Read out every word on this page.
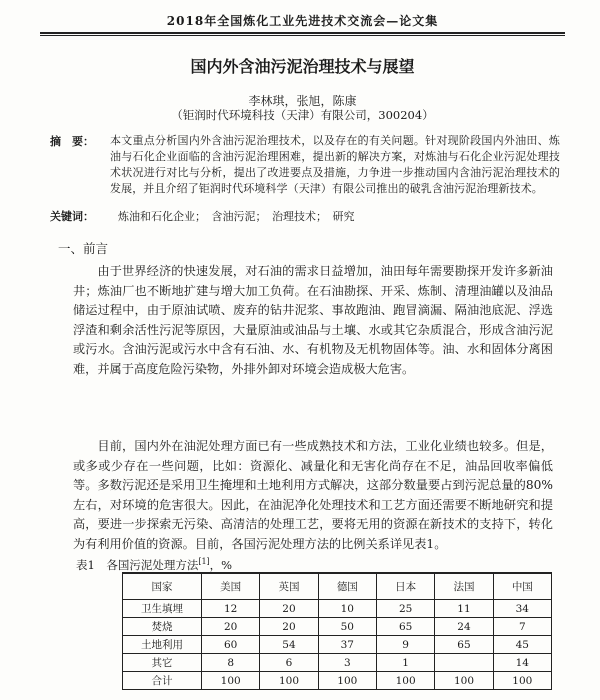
2018年全国炼化工业先进技术交流会—论文集
国内外含油污泥治理技术与展望
李林琪，张旭，陈康
（钜润时代环境科技（天津）有限公司，300204）
摘　要： 本文重点分析国内外含油污泥治理技术，以及存在的有关问题。针对现阶段国内外油田、炼油与石化企业面临的含油污泥治理困难，提出新的解决方案，对炼油与石化企业污泥处理技术状况进行对比与分析，提出了改进要点及措施，力争进一步推动国内含油污泥治理技术的发展，并且介绍了钜润时代环境科学（天津）有限公司推出的破乳含油污泥治理新技术。
关键词： 炼油和石化企业；　含油污泥；　治理技术；　研究
一、前言
由于世界经济的快速发展，对石油的需求日益增加，油田每年需要勘探开发许多新油井；炼油厂也不断地扩建与增大加工负荷。在石油勘探、开采、炼制、清理油罐以及油品储运过程中，由于原油试喷、废弃的钻井泥浆、事故跑油、跑冒滴漏、隔油池底泥、浮选浮渣和剩余活性污泥等原因，大量原油或油品与土壤、水或其它杂质混合，形成含油污泥或污水。含油污泥或污水中含有石油、水、有机物及无机物固体等。油、水和固体分离困难，并属于高度危险污染物，外排外卸对环境会造成极大危害。
目前，国内外在油泥处理方面已有一些成熟技术和方法，工业化业绩也较多。但是，或多或少存在一些问题，比如：资源化、减量化和无害化尚存在不足，油品回收率偏低等。多数污泥还是采用卫生掩埋和土地利用方式解决，这部分数量要占到污泥总量的80%左右，对环境的危害很大。因此，在油泥净化处理技术和工艺方面还需要不断地研究和提高，要进一步探索无污染、高清洁的处理工艺，要将无用的资源在新技术的支持下，转化为有利用价值的资源。目前，各国污泥处理方法的比例关系详见表1。
表1　各国污泥处理方法[1]，%
国家	美国	英国	德国	日本	法国	中国
卫生填埋	12	20	10	25	11	34
焚烧	20	20	50	65	24	7
土地利用	60	54	37	9	65	45
其它	8	6	3	1		14
合计	100	100	100	100	100	100
